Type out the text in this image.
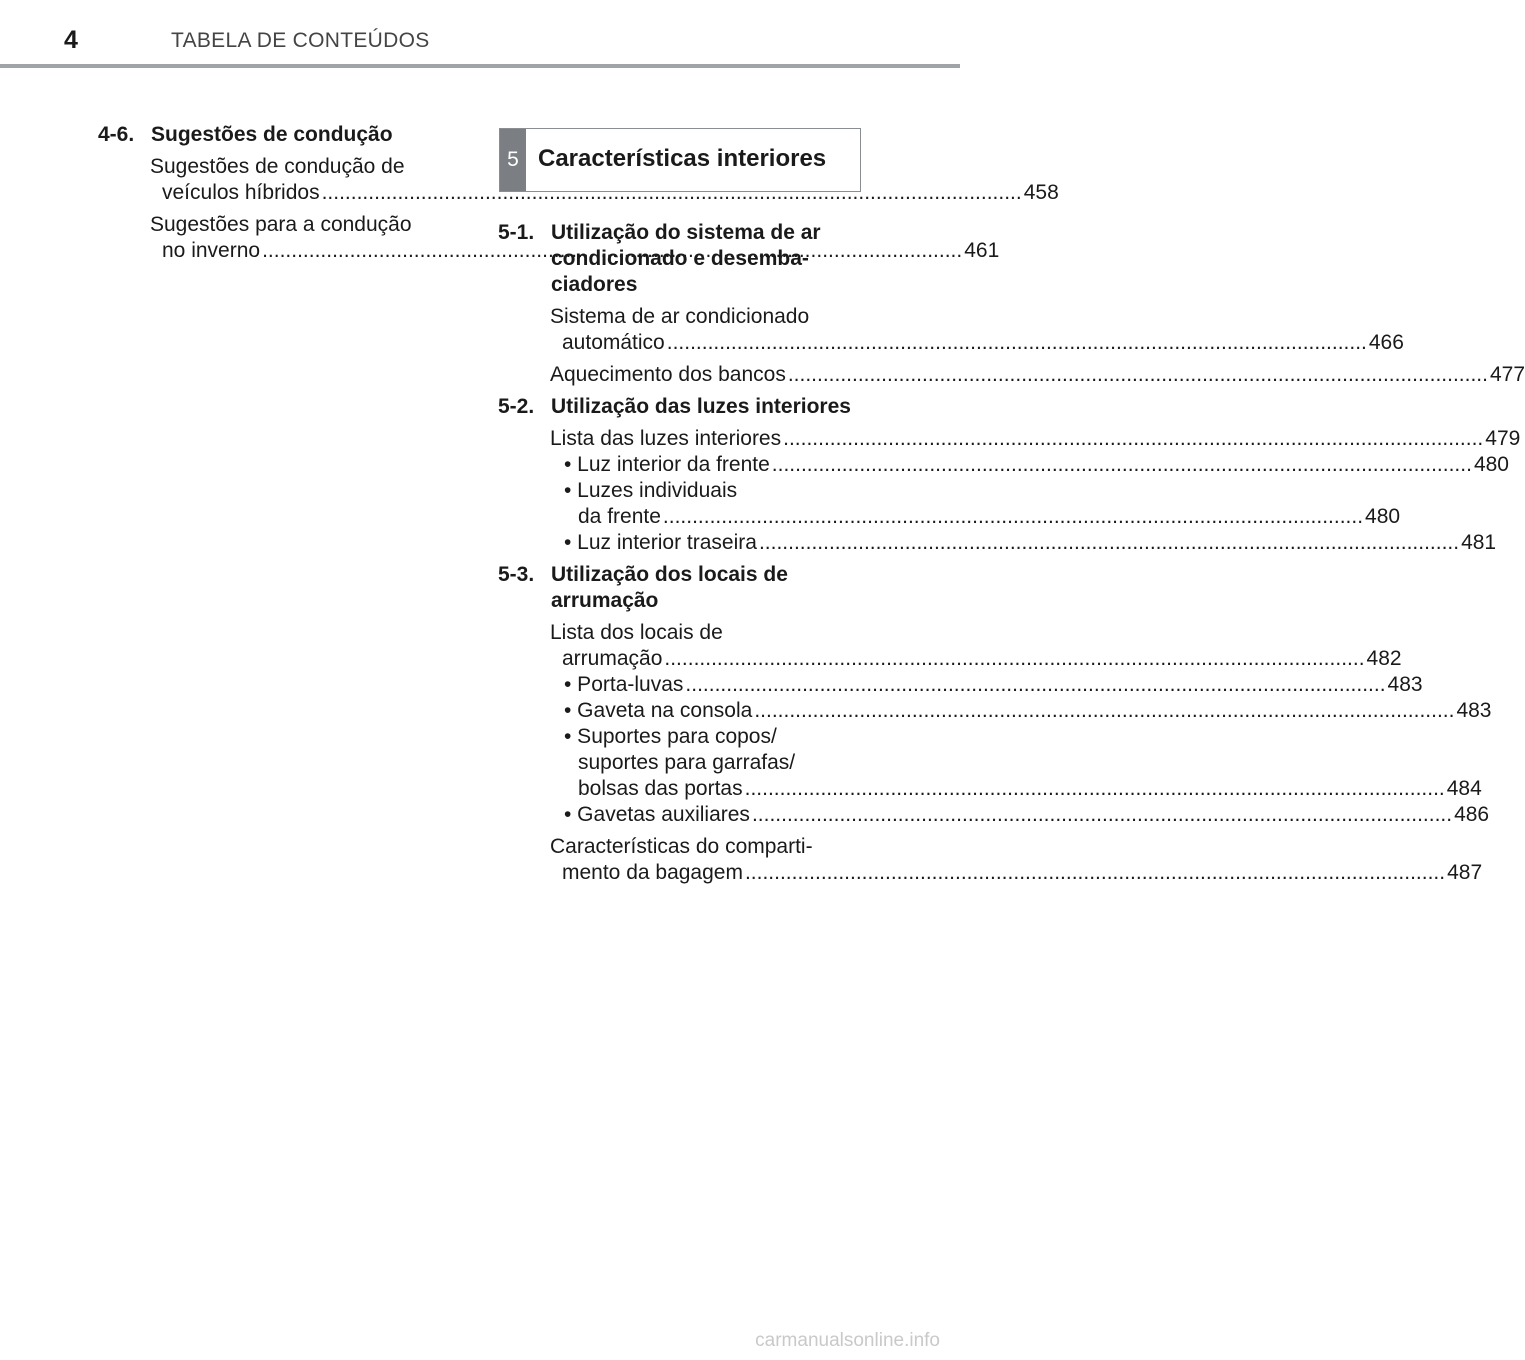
4	TABELA DE CONTEÚDOS
4-6. Sugestões de condução
Sugestões de condução de
veículos híbridos .....	458
Sugestões para a condução
no inverno .....	461
5 Características interiores
5-1. Utilização do sistema de ar
condicionado e desemba-
ciadores
Sistema de ar condicionado
automático .....	466
Aquecimento dos bancos .....	477
5-2. Utilização das luzes interiores
Lista das luzes interiores .....	479
• Luz interior da frente .....	480
• Luzes individuais
da frente .....	480
• Luz interior traseira .....	481
5-3. Utilização dos locais de
arrumação
Lista dos locais de
arrumação .....	482
• Porta-luvas .....	483
• Gaveta na consola .....	483
• Suportes para copos/
suportes para garrafas/
bolsas das portas .....	484
• Gavetas auxiliares .....	486
Características do comparti-
mento da bagagem .....	487
carmanualsonline.info
